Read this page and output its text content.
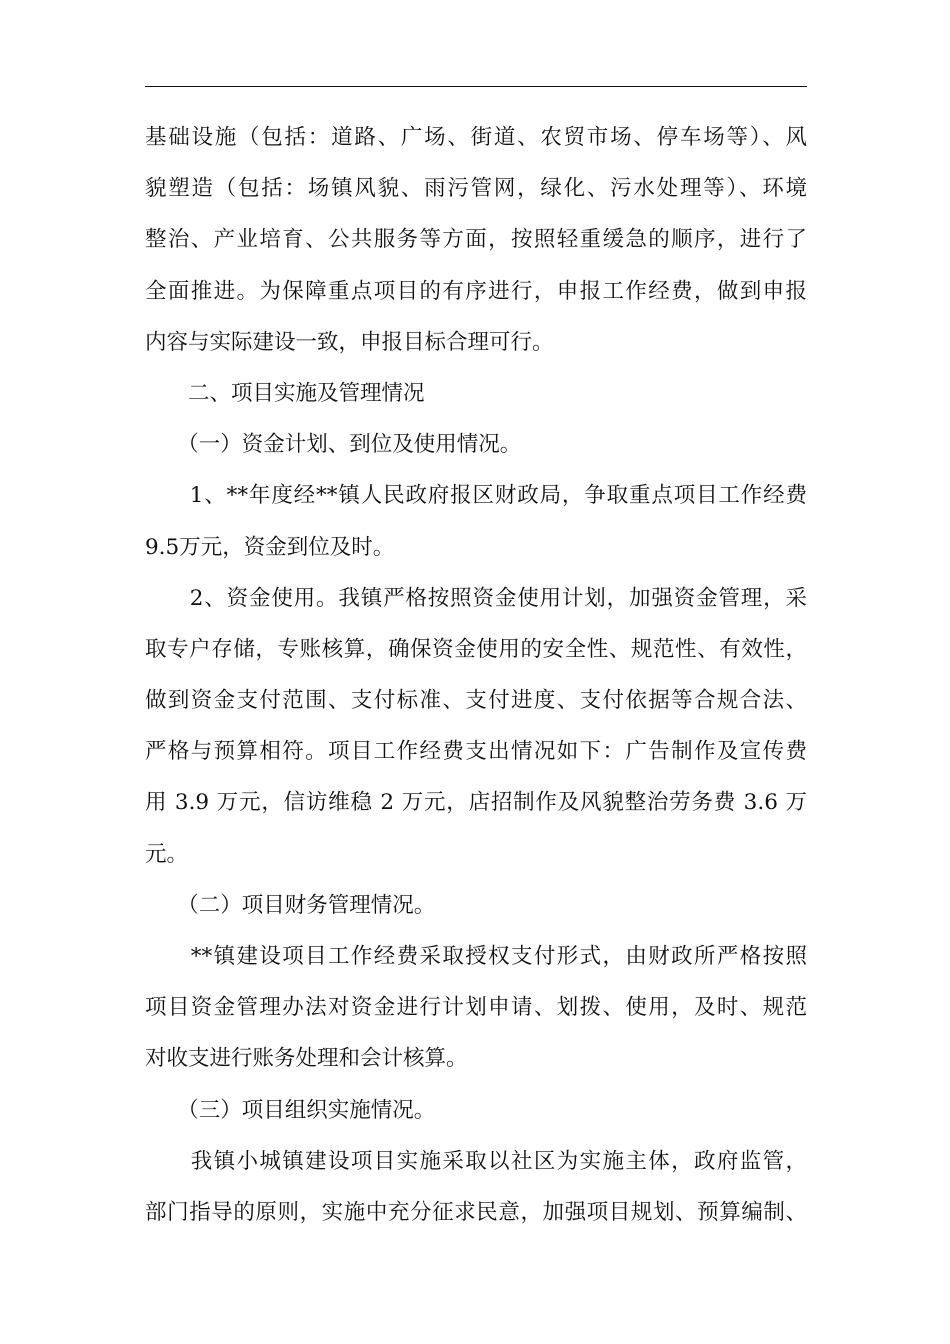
基础设施（包括：道路、广场、街道、农贸市场、停车场等）、风
貌塑造（包括：场镇风貌、雨污管网，绿化、污水处理等）、环境
整治、产业培育、公共服务等方面，按照轻重缓急的顺序，进行了
全面推进。为保障重点项目的有序进行，申报工作经费，做到申报
内容与实际建设一致，申报目标合理可行。
　　二、项目实施及管理情况
　　（一）资金计划、到位及使用情况。
　　1、**年度经**镇人民政府报区财政局，争取重点项目工作经费
9.5万元，资金到位及时。
　　2、资金使用。我镇严格按照资金使用计划，加强资金管理，采
取专户存储，专账核算，确保资金使用的安全性、规范性、有效性，
做到资金支付范围、支付标准、支付进度、支付依据等合规合法、
严格与预算相符。项目工作经费支出情况如下：广告制作及宣传费
用 3.9 万元，信访维稳 2 万元，店招制作及风貌整治劳务费 3.6 万
元。
　　（二）项目财务管理情况。
　　**镇建设项目工作经费采取授权支付形式，由财政所严格按照
项目资金管理办法对资金进行计划申请、划拨、使用，及时、规范
对收支进行账务处理和会计核算。
　　（三）项目组织实施情况。
　　我镇小城镇建设项目实施采取以社区为实施主体，政府监管，
部门指导的原则，实施中充分征求民意，加强项目规划、预算编制、
